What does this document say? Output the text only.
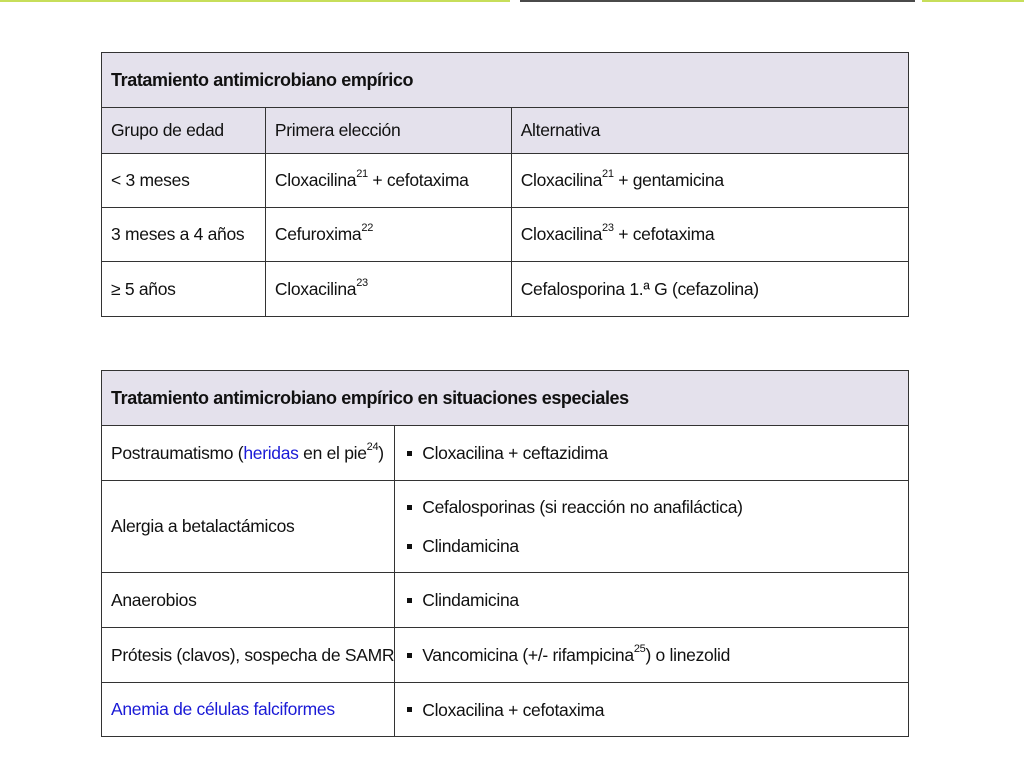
Tratamiento antimicrobiano empírico		
Grupo de edad	Primera elección	Alternativa
< 3 meses	Cloxacilina$^{21}$ + cefotaxima	Cloxacilina$^{21}$ + gentamicina
3 meses a 4 años	Cefuroxima$^{22}$	Cloxacilina$^{23}$ + cefotaxima
≥ 5 años	Cloxacilina$^{23}$	Cefalosporina 1.ª G (cefazolina)
Tratamiento antimicrobiano empírico en situaciones especiales	
Postraumatismo (heridas en el pie$^{24}$)	Cloxacilina + ceftazidima

Alergia a betalactámicos	Cefalosporinas (si reacción no anafiláctica)
Clindamicina

Anaerobios	Clindamicina

Prótesis (clavos), sospecha de SAMR	Vancomicina (+/- rifampicina$^{25}$) o linezolid

Anemia de células falciformes	Cloxacilina + cefotaxima
